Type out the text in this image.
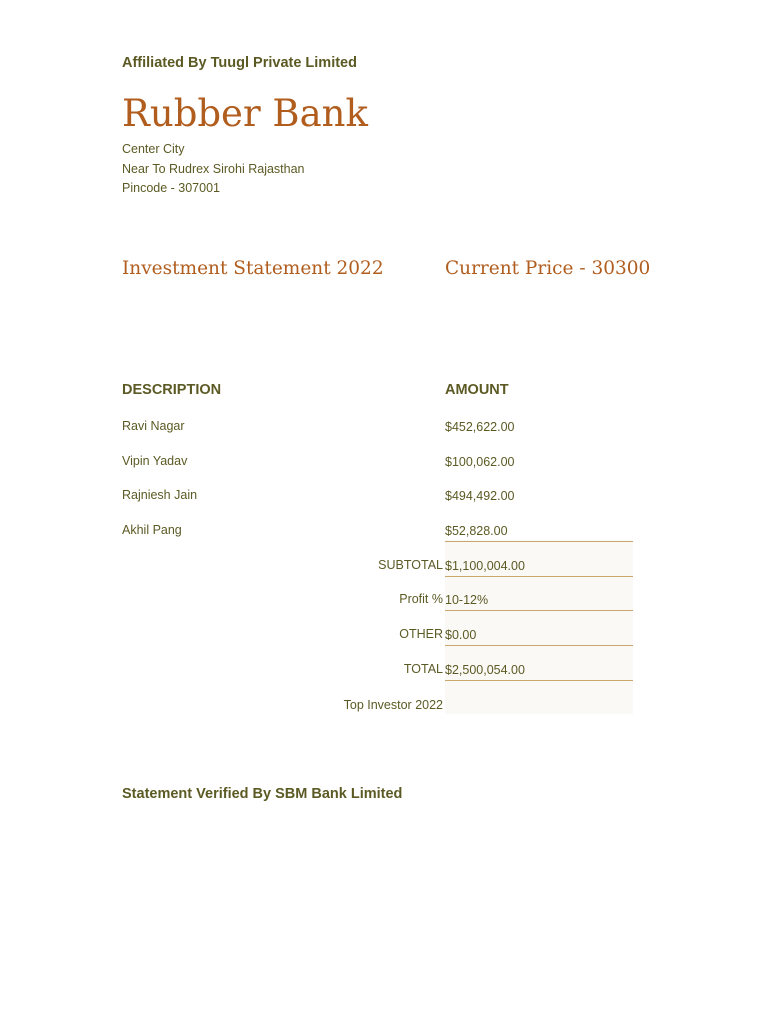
Affiliated By Tuugl Private Limited
Rubber Bank
Center City
Near To Rudrex Sirohi Rajasthan
Pincode - 307001
Investment Statement 2022	Current Price - 30300
DESCRIPTION	AMOUNT
Ravi Nagar	$452,622.00
Vipin Yadav	$100,062.00
Rajniesh Jain	$494,492.00
Akhil Pang	$52,828.00
SUBTOTAL $1,100,004.00
Profit % 10-12%
OTHER $0.00
TOTAL $2,500,054.00
Top Investor 2022
Statement Verified By SBM Bank Limited
